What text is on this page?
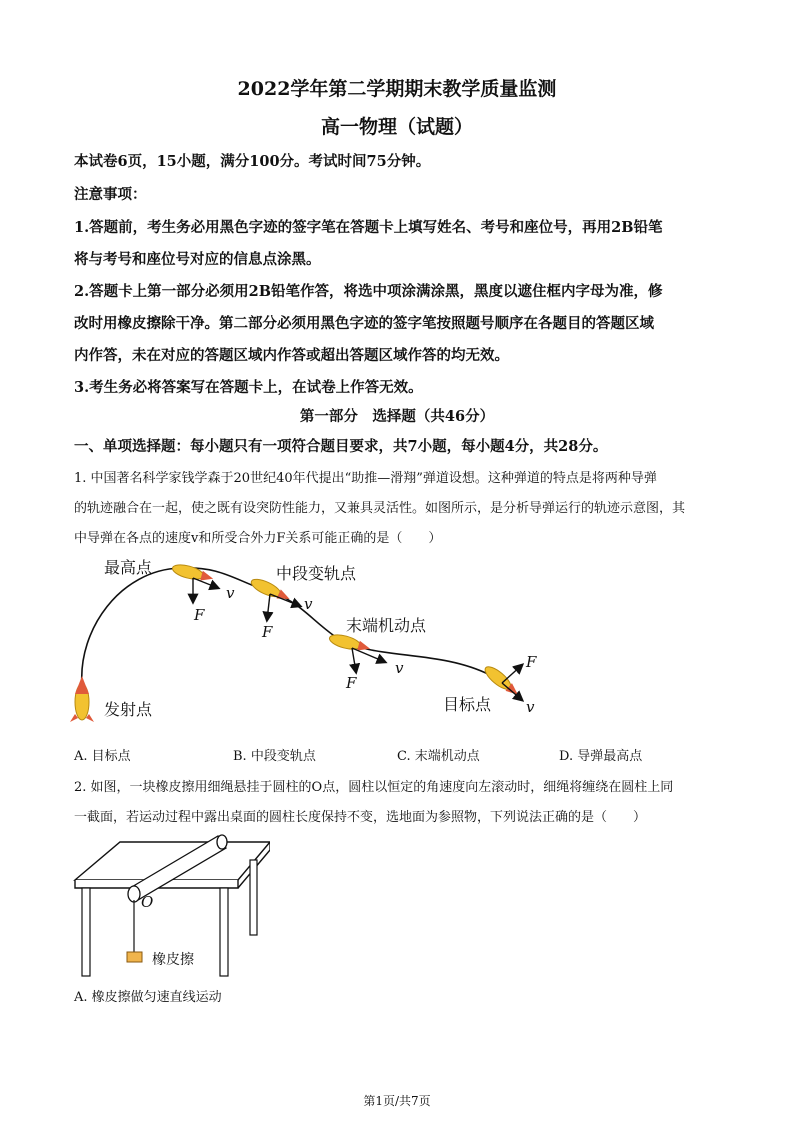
2022学年第二学期期末教学质量监测
高一物理（试题）
本试卷6页，15小题，满分100分。考试时间75分钟。
注意事项：
1.答题前，考生务必用黑色字迹的签字笔在答题卡上填写姓名、考号和座位号，再用2B铅笔
将与考号和座位号对应的信息点涂黑。
2.答题卡上第一部分必须用2B铅笔作答，将选中项涂满涂黑，黑度以遮住框内字母为准，修
改时用橡皮擦除干净。第二部分必须用黑色字迹的签字笔按照题号顺序在各题目的答题区域
内作答，未在对应的答题区域内作答或超出答题区域作答的均无效。
3.考生务必将答案写在答题卡上，在试卷上作答无效。
第一部分　选择题（共46分）
一、单项选择题：每小题只有一项符合题目要求，共7小题，每小题4分，共28分。
1. 中国著名科学家钱学森于20世纪40年代提出“助推—滑翔”弹道设想。这种弹道的特点是将两种导弹
的轨迹融合在一起，使之既有设突防性能力，又兼具灵活性。如图所示，是分析导弹运行的轨迹示意图，其
中导弹在各点的速度v和所受合外力F关系可能正确的是（　　）
最高点	中段变轨点
末端机动点
目标点
发射点
F
v
F
v
F
v	F
v
A. 目标点	B. 中段变轨点	C. 末端机动点	D. 导弹最高点
2. 如图，一块橡皮擦用细绳悬挂于圆柱的O点，圆柱以恒定的角速度向左滚动时，细绳将缠绕在圆柱上同
一截面，若运动过程中露出桌面的圆柱长度保持不变，选地面为参照物，下列说法正确的是（　　）
O
橡皮擦
A. 橡皮擦做匀速直线运动
第1页/共7页
